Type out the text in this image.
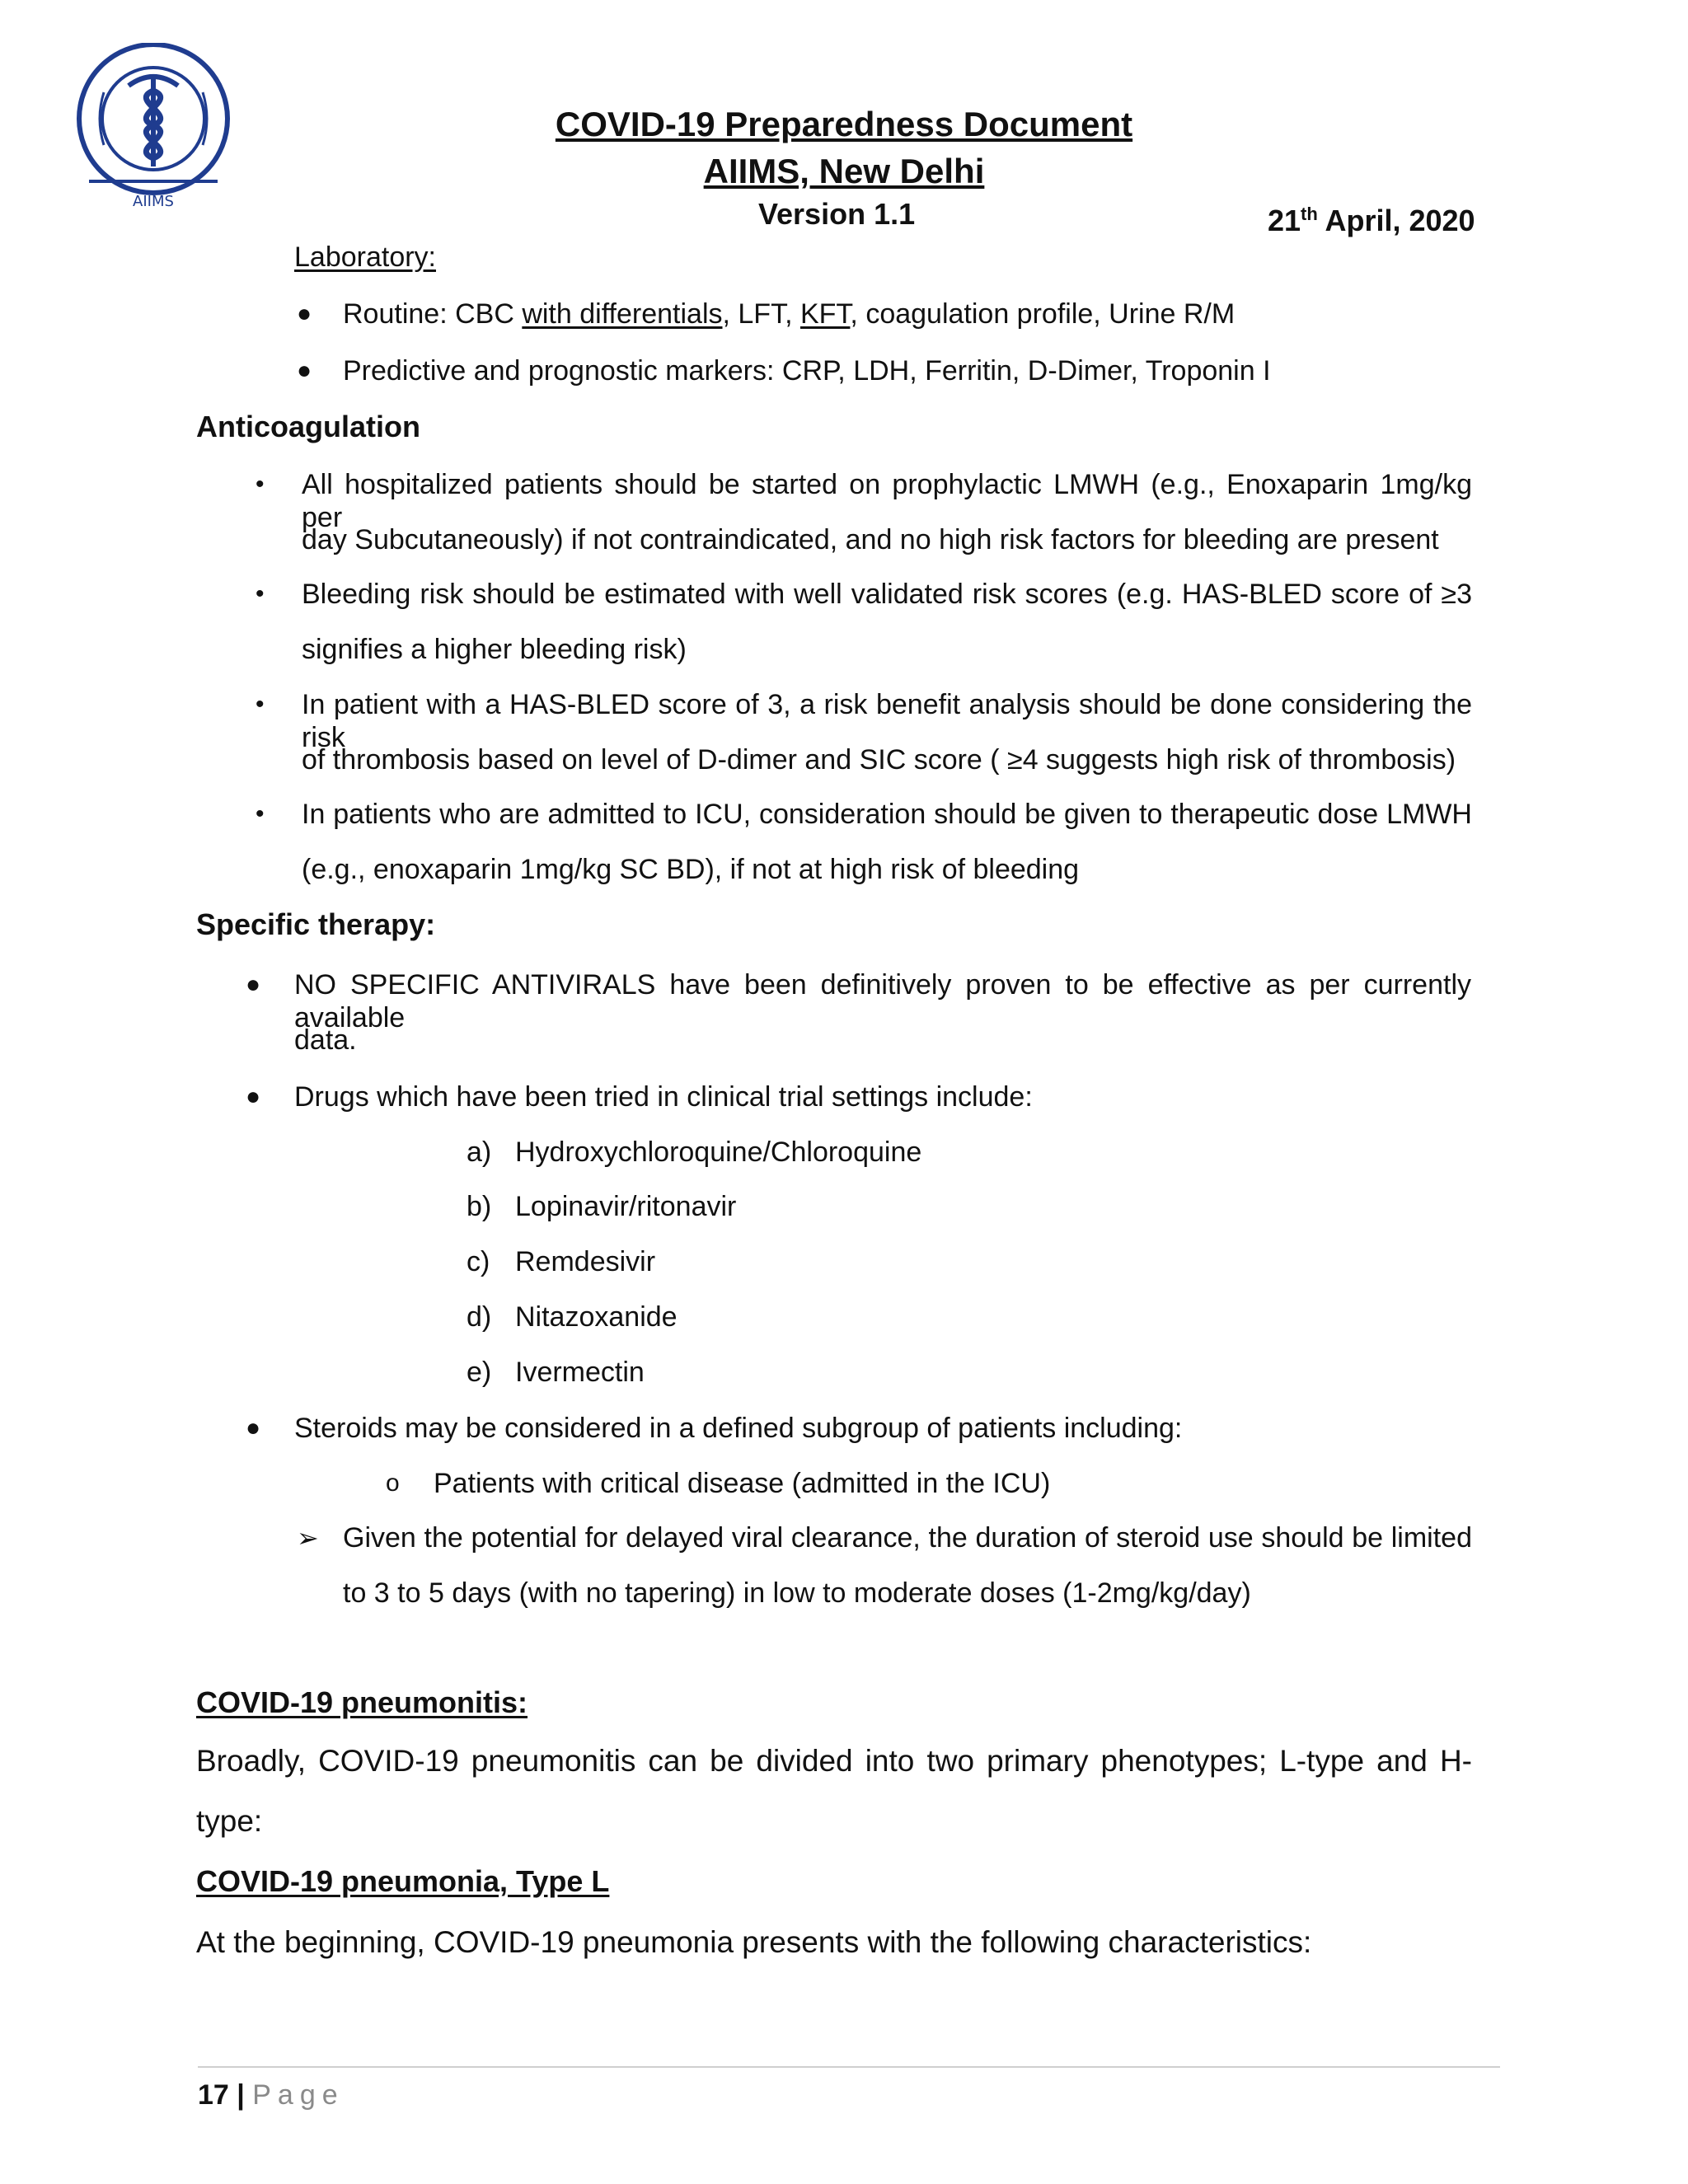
AIIMS
COVID-19 Preparedness Document
AIIMS, New Delhi
Version 1.1	21th April, 2020
Laboratory:
● Routine: CBC with differentials, LFT, KFT, coagulation profile, Urine R/M
● Predictive and prognostic markers: CRP, LDH, Ferritin, D-Dimer, Troponin I
Anticoagulation
• All hospitalized patients should be started on prophylactic LMWH (e.g., Enoxaparin 1mg/kg per
day Subcutaneously) if not contraindicated, and no high risk factors for bleeding are present
• Bleeding risk should be estimated with well validated risk scores (e.g. HAS-BLED score of ≥3
signifies a higher bleeding risk)
• In patient with a HAS-BLED score of 3, a risk benefit analysis should be done considering the risk
of thrombosis based on level of D-dimer and SIC score ( ≥4 suggests high risk of thrombosis)
• In patients who are admitted to ICU, consideration should be given to therapeutic dose LMWH
(e.g., enoxaparin 1mg/kg SC BD), if not at high risk of bleeding
Specific therapy:
● NO SPECIFIC ANTIVIRALS have been definitively proven to be effective as per currently available
data.
● Drugs which have been tried in clinical trial settings include:
a) Hydroxychloroquine/Chloroquine
b) Lopinavir/ritonavir
c) Remdesivir
d) Nitazoxanide
e) Ivermectin
● Steroids may be considered in a defined subgroup of patients including:
o Patients with critical disease (admitted in the ICU)
➢ Given the potential for delayed viral clearance, the duration of steroid use should be limited
to 3 to 5 days (with no tapering) in low to moderate doses (1-2mg/kg/day)
COVID-19 pneumonitis:
Broadly, COVID-19 pneumonitis can be divided into two primary phenotypes; L-type and H-
type:
COVID-19 pneumonia, Type L
At the beginning, COVID-19 pneumonia presents with the following characteristics:
17 | Page
